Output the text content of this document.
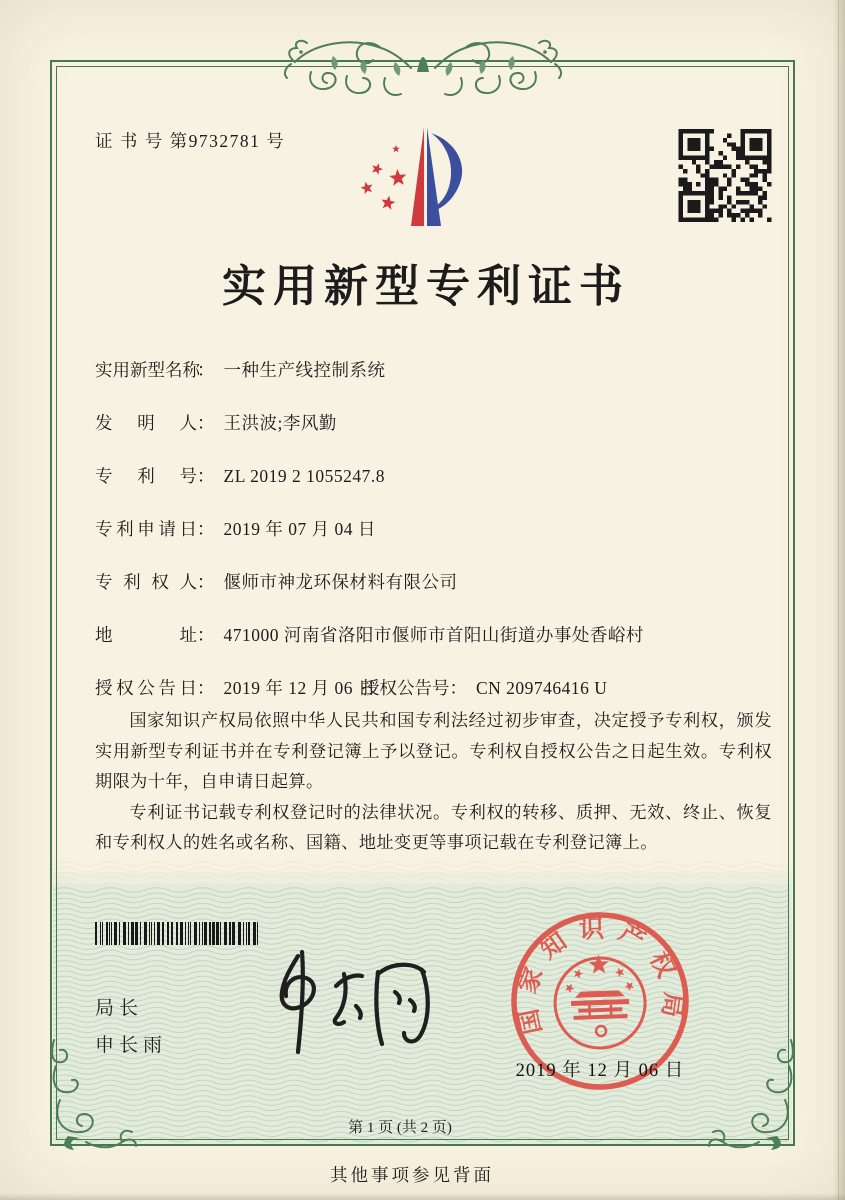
证 书 号 第9732781 号
实用新型专利证书
实用新型名称： 一种生产线控制系统
发明人： 王洪波;李风勤
专利号： ZL 2019 2 1055247.8
专利申请日： 2019 年 07 月 04 日
专利权人： 偃师市神龙环保材料有限公司
地址： 471000 河南省洛阳市偃师市首阳山街道办事处香峪村
授权公告日： 2019 年 12 月 06 日
授权公告号： CN 209746416 U

国家知识产权局依照中华人民共和国专利法经过初步审查，决定授予专利权，颁发实用新型专利证书并在专利登记簿上予以登记。专利权自授权公告之日起生效。专利权期限为十年，自申请日起算。

专利证书记载专利权登记时的法律状况。专利权的转移、质押、无效、终止、恢复和专利权人的姓名或名称、国籍、地址变更等事项记载在专利登记簿上。

局长
申长雨
国家知识产权局
2019 年 12 月 06 日
第 1 页 (共 2 页)
其他事项参见背面
